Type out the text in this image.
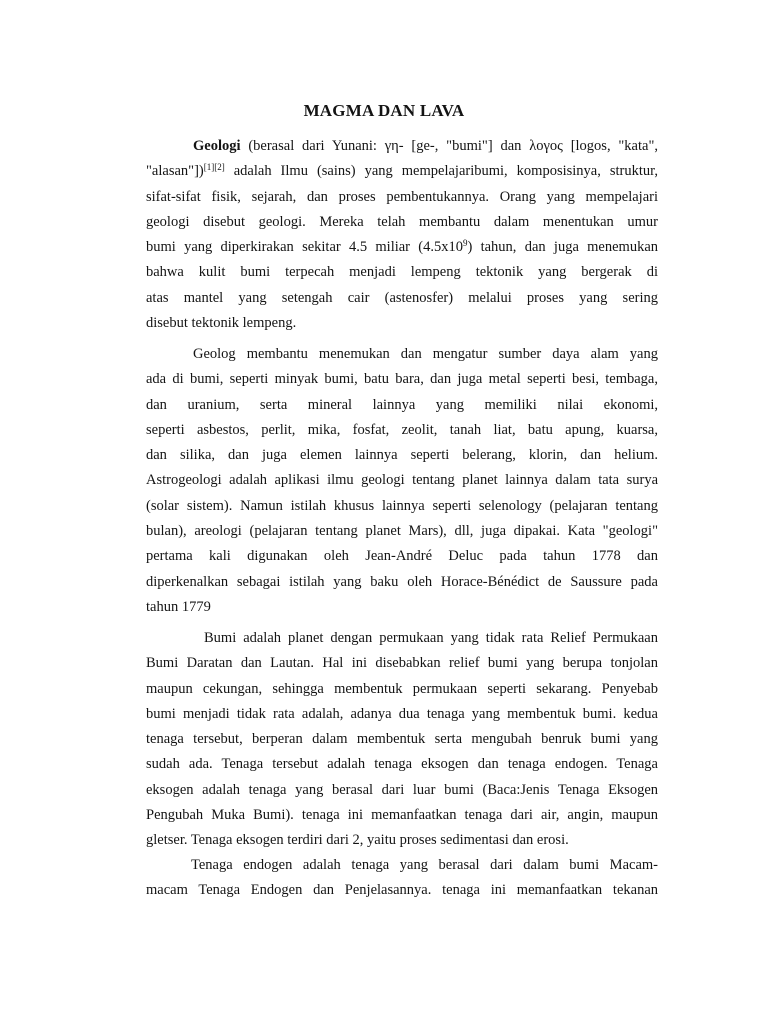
MAGMA DAN LAVA
Geologi (berasal dari Yunani: γη- [ge-, "bumi"] dan λογος [logos, "kata",
"alasan"])[1][2] adalah Ilmu (sains) yang mempelajaribumi, komposisinya, struktur,
sifat-sifat fisik, sejarah, dan proses pembentukannya. Orang yang mempelajari
geologi disebut geologi. Mereka telah membantu dalam menentukan umur
bumi yang diperkirakan sekitar 4.5 miliar $(4.5x10^9)$ tahun, dan juga menemukan
bahwa kulit bumi terpecah menjadi lempeng tektonik yang bergerak di
atas mantel yang setengah cair (astenosfer) melalui proses yang sering
disebut tektonik lempeng.
Geolog membantu menemukan dan mengatur sumber daya alam yang
ada di bumi, seperti minyak bumi, batu bara, dan juga metal seperti besi, tembaga,
dan uranium, serta mineral lainnya yang memiliki nilai ekonomi,
seperti asbestos, perlit, mika, fosfat, zeolit, tanah liat, batu apung, kuarsa,
dan silika, dan juga elemen lainnya seperti belerang, klorin, dan helium.
Astrogeologi adalah aplikasi ilmu geologi tentang planet lainnya dalam tata surya
(solar sistem). Namun istilah khusus lainnya seperti selenology (pelajaran tentang
bulan), areologi (pelajaran tentang planet Mars), dll, juga dipakai. Kata "geologi"
pertama kali digunakan oleh Jean-André Deluc pada tahun 1778 dan
diperkenalkan sebagai istilah yang baku oleh Horace-Bénédict de Saussure pada
tahun 1779
Bumi adalah planet dengan permukaan yang tidak rata Relief Permukaan
Bumi Daratan dan Lautan. Hal ini disebabkan relief bumi yang berupa tonjolan
maupun cekungan, sehingga membentuk permukaan seperti sekarang. Penyebab
bumi menjadi tidak rata adalah, adanya dua tenaga yang membentuk bumi. kedua
tenaga tersebut, berperan dalam membentuk serta mengubah benruk bumi yang
sudah ada. Tenaga tersebut adalah tenaga eksogen dan tenaga endogen. Tenaga
eksogen adalah tenaga yang berasal dari luar bumi (Baca:Jenis Tenaga Eksogen
Pengubah Muka Bumi). tenaga ini memanfaatkan tenaga dari air, angin, maupun
gletser. Tenaga eksogen terdiri dari 2, yaitu proses sedimentasi dan erosi.
Tenaga endogen adalah tenaga yang berasal dari dalam bumi Macam-
macam Tenaga Endogen dan Penjelasannya. tenaga ini memanfaatkan tekanan
